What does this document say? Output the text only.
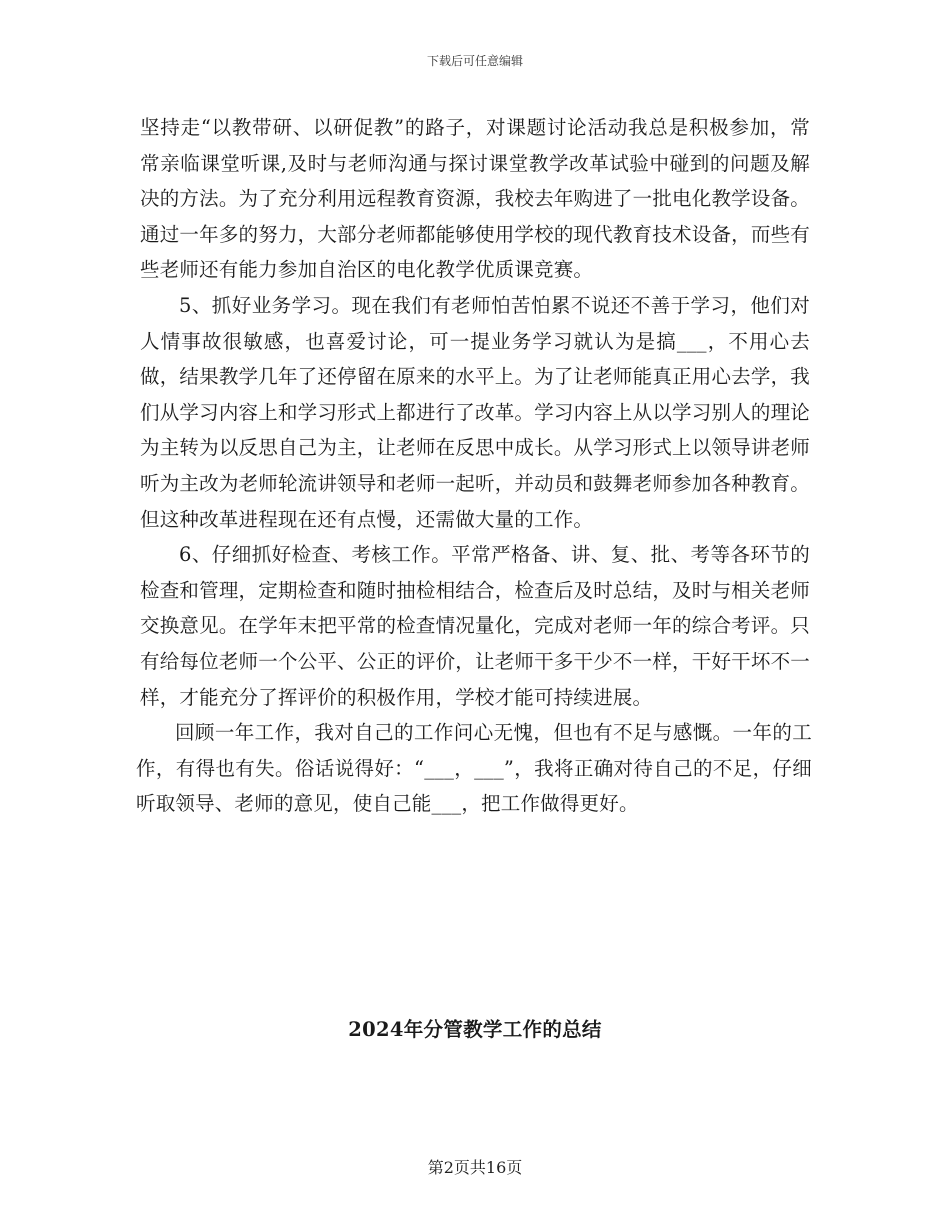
下载后可任意编辑

坚持走“以教带研、以研促教”的路子，对课题讨论活动我总是积极参加，常常亲临课堂听课,及时与老师沟通与探讨课堂教学改革试验中碰到的问题及解决的方法。为了充分利用远程教育资源，我校去年购进了一批电化教学设备。通过一年多的努力，大部分老师都能够使用学校的现代教育技术设备，而些有些老师还有能力参加自治区的电化教学优质课竞赛。

5、抓好业务学习。现在我们有老师怕苦怕累不说还不善于学习，他们对人情事故很敏感，也喜爱讨论，可一提业务学习就认为是搞___，不用心去做，结果教学几年了还停留在原来的水平上。为了让老师能真正用心去学，我们从学习内容上和学习形式上都进行了改革。学习内容上从以学习别人的理论为主转为以反思自己为主，让老师在反思中成长。从学习形式上以领导讲老师听为主改为老师轮流讲领导和老师一起听，并动员和鼓舞老师参加各种教育。但这种改革进程现在还有点慢，还需做大量的工作。

6、仔细抓好检查、考核工作。平常严格备、讲、复、批、考等各环节的检查和管理，定期检查和随时抽检相结合，检查后及时总结，及时与相关老师交换意见。在学年末把平常的检查情况量化，完成对老师一年的综合考评。只有给每位老师一个公平、公正的评价，让老师干多干少不一样，干好干坏不一样，才能充分了挥评价的积极作用，学校才能可持续进展。

回顾一年工作，我对自己的工作问心无愧，但也有不足与感慨。一年的工作，有得也有失。俗话说得好：“___，___”，我将正确对待自己的不足，仔细听取领导、老师的意见，使自己能___，把工作做得更好。

2024年分管教学工作的总结
第2页共16页
